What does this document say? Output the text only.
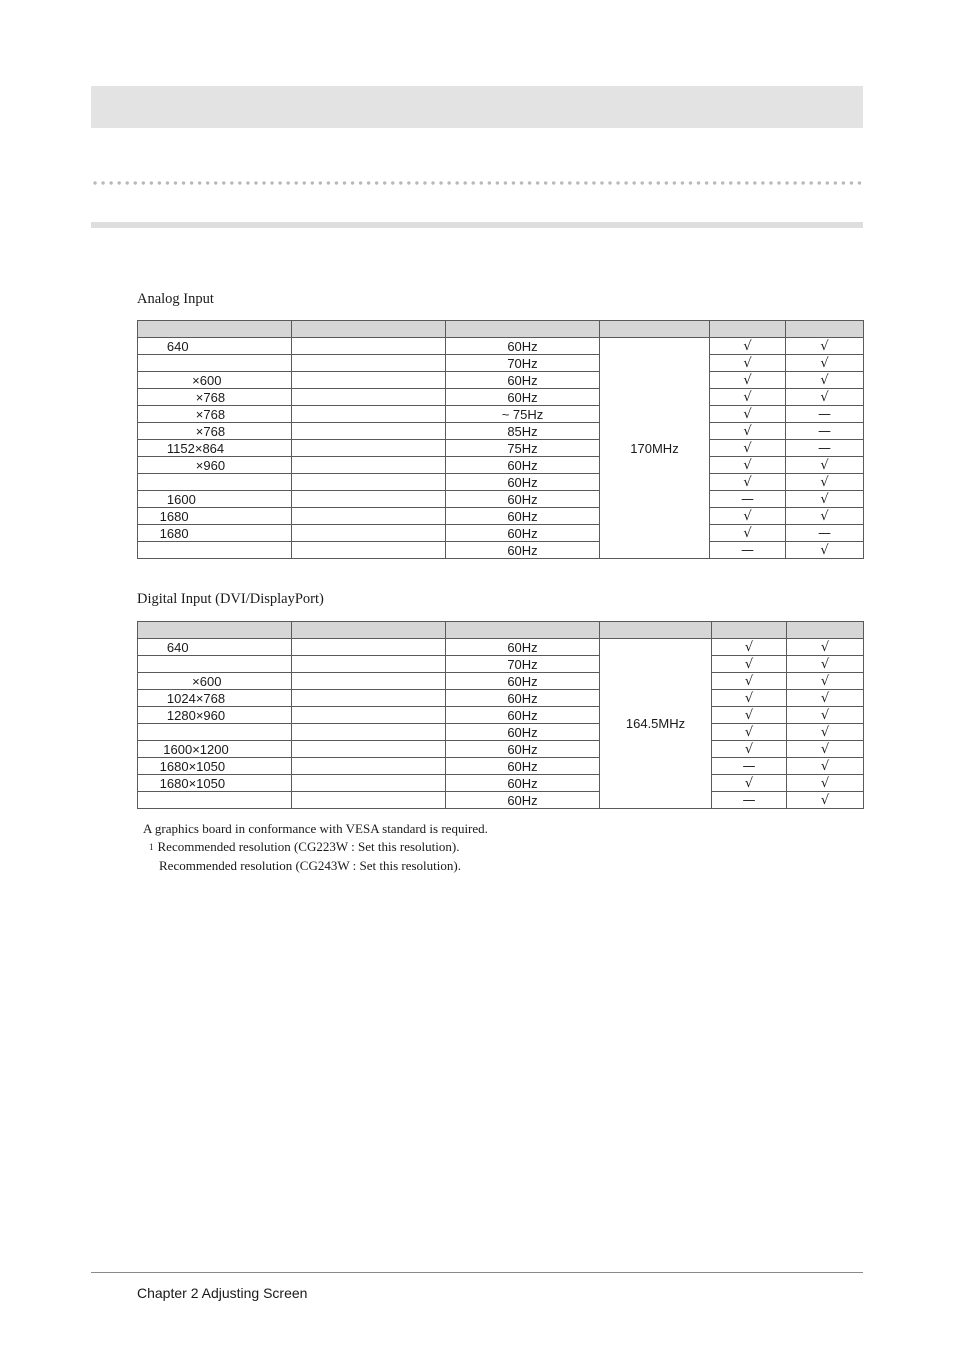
Analog Input

640		60Hz	170MHz	√	√
		70Hz		√	√
×600		60Hz		√	√
×768		60Hz		√	√
×768		~ 75Hz		√	—
×768		85Hz		√	—
1152×864		75Hz		√	—
×960		60Hz		√	√
		60Hz		√	√
1600		60Hz		—	√
1680		60Hz		√	√
1680		60Hz		√	—
		60Hz		—	√
Digital Input (DVI/DisplayPort)

640		60Hz	164.5MHz	√	√
		70Hz		√	√
×600		60Hz		√	√
1024×768		60Hz		√	√
1280×960		60Hz		√	√
		60Hz		√	√
1600×1200		60Hz		√	√
1680×1050		60Hz		—	√
1680×1050		60Hz		√	√
		60Hz		—	√
A graphics board in conformance with VESA standard is required.
$^1$ Recommended resolution (CG223W : Set this resolution).
Recommended resolution (CG243W : Set this resolution).
Chapter 2 Adjusting Screen
